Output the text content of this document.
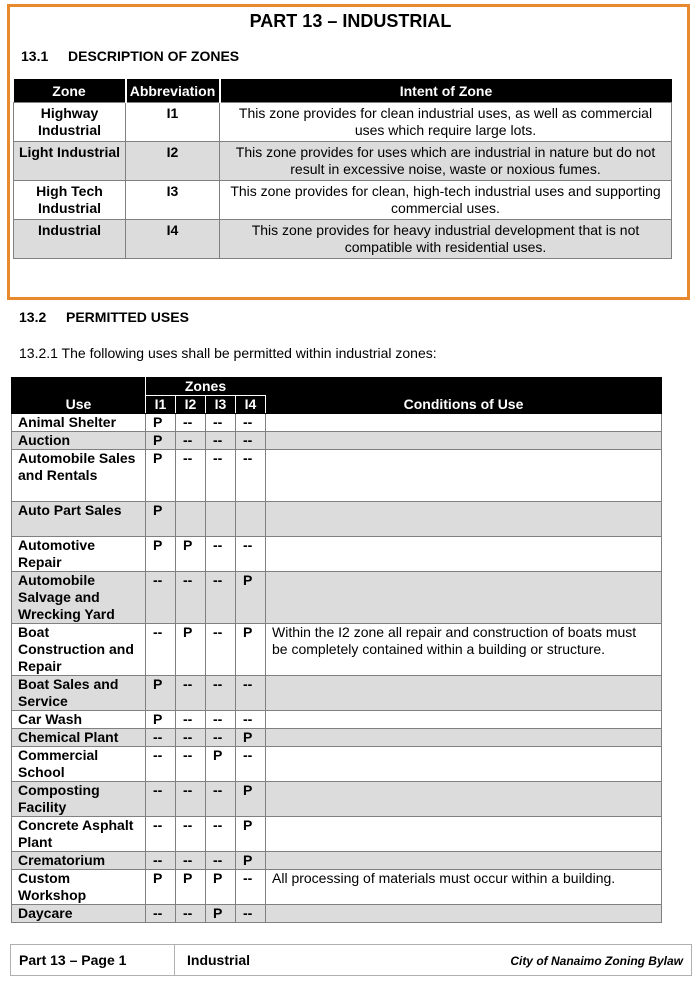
PART 13 – INDUSTRIAL
13.1 DESCRIPTION OF ZONES
Zone	Abbreviation	Intent of Zone
Highway Industrial	I1	This zone provides for clean industrial uses, as well as commercial uses which require large lots.
Light Industrial	I2	This zone provides for uses which are industrial in nature but do not result in excessive noise, waste or noxious fumes.
High Tech Industrial	I3	This zone provides for clean, high-tech industrial uses and supporting commercial uses.
Industrial	I4	This zone provides for heavy industrial development that is not compatible with residential uses.
13.2 PERMITTED USES
13.2.1 The following uses shall be permitted within industrial zones:
Use	Zones				Conditions of Use
	I1	I2	I3	I4	
Animal Shelter	P	--	--	--	
Auction	P	--	--	--	
Automobile Sales and Rentals	P	--	--	--	
Auto Part Sales	P				
Automotive Repair	P	P	--	--	
Automobile Salvage and Wrecking Yard	--	--	--	P	
Boat Construction and Repair	--	P	--	P	Within the I2 zone all repair and construction of boats must be completely contained within a building or structure.
Boat Sales and Service	P	--	--	--	
Car Wash	P	--	--	--	
Chemical Plant	--	--	--	P	
Commercial School	--	--	P	--	
Composting Facility	--	--	--	P	
Concrete Asphalt Plant	--	--	--	P	
Crematorium	--	--	--	P	
Custom Workshop	P	P	P	--	All processing of materials must occur within a building.
Daycare	--	--	P	--	
Part 13 – Page 1	Industrial	City of Nanaimo Zoning Bylaw
